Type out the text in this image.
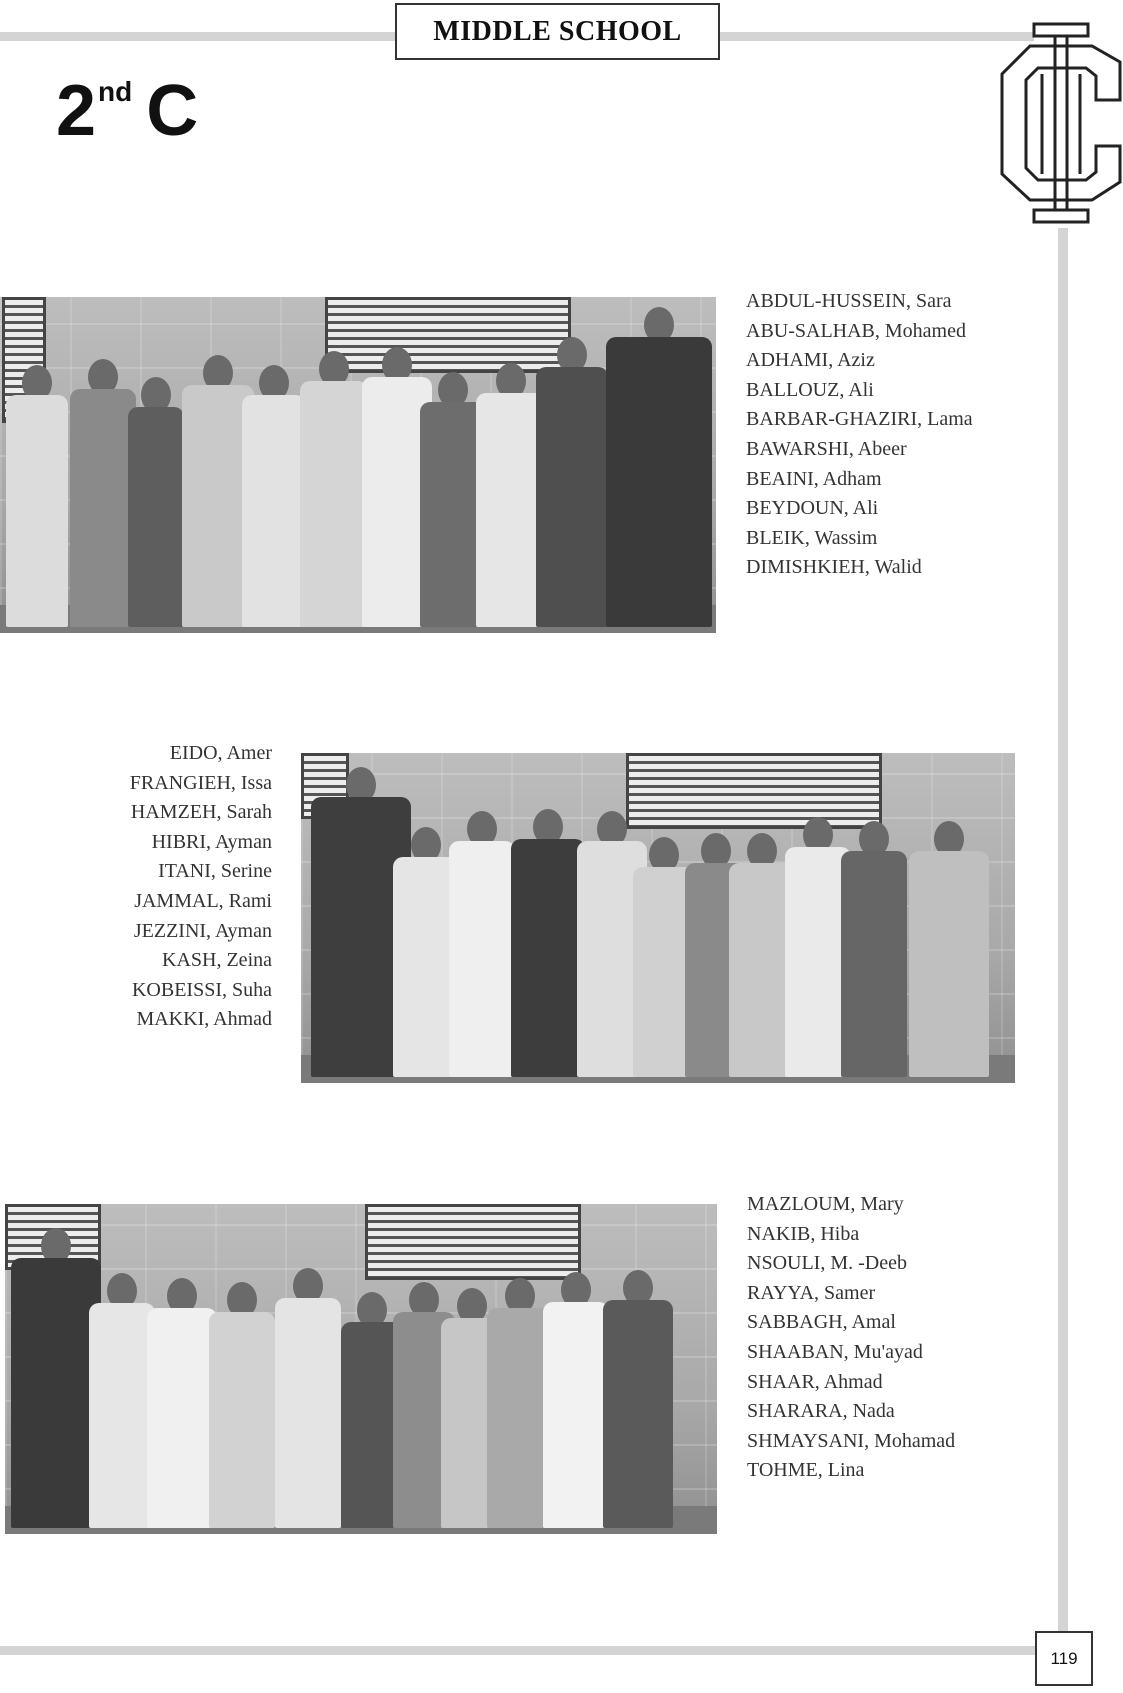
MIDDLE SCHOOL
2nd C
ABDUL-HUSSEIN, Sara
ABU-SALHAB, Mohamed
ADHAMI, Aziz
BALLOUZ, Ali
BARBAR-GHAZIRI, Lama
BAWARSHI, Abeer
BEAINI, Adham
BEYDOUN, Ali
BLEIK, Wassim
DIMISHKIEH, Walid
EIDO, Amer
FRANGIEH, Issa
HAMZEH, Sarah
HIBRI, Ayman
ITANI, Serine
JAMMAL, Rami
JEZZINI, Ayman
KASH, Zeina
KOBEISSI, Suha
MAKKI, Ahmad
MAZLOUM, Mary
NAKIB, Hiba
NSOULI, M. -Deeb
RAYYA, Samer
SABBAGH, Amal
SHAABAN, Mu'ayad
SHAAR, Ahmad
SHARARA, Nada
SHMAYSANI, Mohamad
TOHME, Lina
119
